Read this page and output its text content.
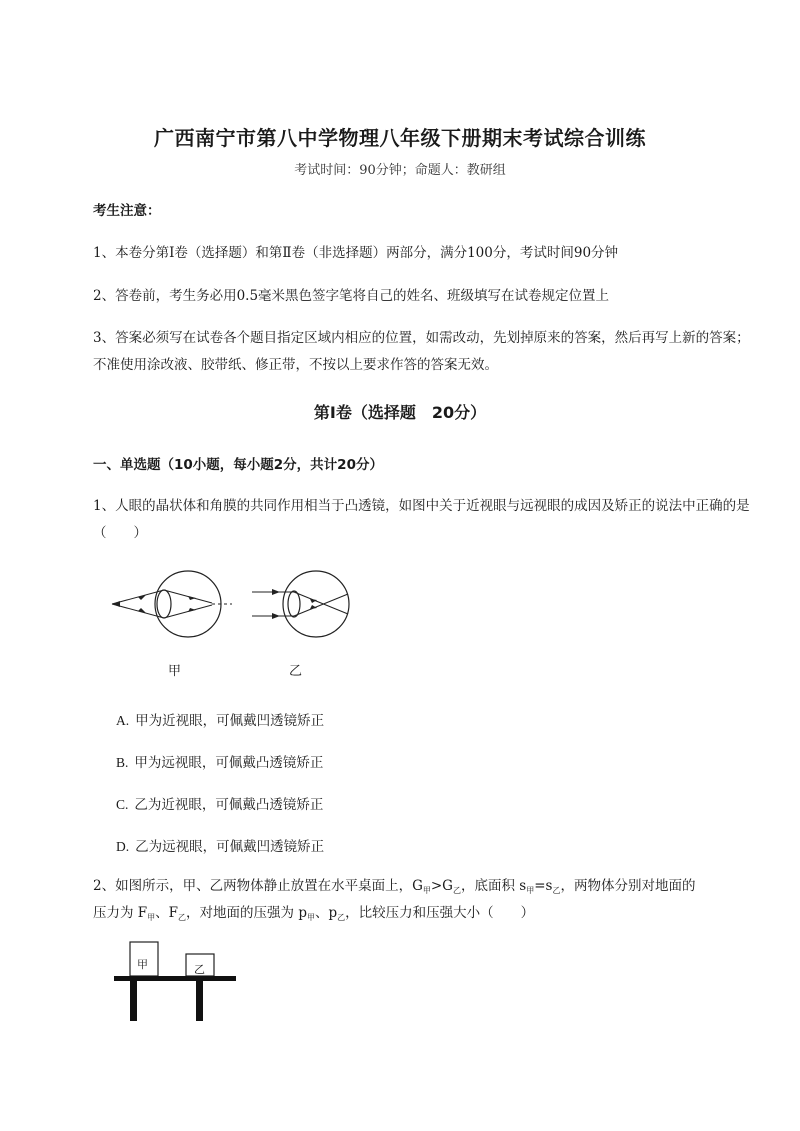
广西南宁市第八中学物理八年级下册期末考试综合训练
考试时间：90分钟；命题人：教研组
考生注意：
1、本卷分第I卷（选择题）和第Ⅱ卷（非选择题）两部分，满分100分，考试时间90分钟
2、答卷前，考生务必用0.5毫米黑色签字笔将自己的姓名、班级填写在试卷规定位置上
3、答案必须写在试卷各个题目指定区域内相应的位置，如需改动，先划掉原来的答案，然后再写上新的答案；不准使用涂改液、胶带纸、修正带，不按以上要求作答的答案无效。
第I卷（选择题　20分）
一、单选题（10小题，每小题2分，共计20分）
1、人眼的晶状体和角膜的共同作用相当于凸透镜，如图中关于近视眼与远视眼的成因及矫正的说法中正确的是（　　）
甲	乙
A. 甲为近视眼，可佩戴凹透镜矫正
B. 甲为远视眼，可佩戴凸透镜矫正
C. 乙为近视眼，可佩戴凸透镜矫正
D. 乙为远视眼，可佩戴凹透镜矫正
2、如图所示，甲、乙两物体静止放置在水平桌面上，$G_甲>G_乙$，底面积 $s_甲=s_乙$，两物体分别对地面的
压力为 $F_甲$、$F_乙$，对地面的压强为 $p_甲$、$p_乙$，比较压力和压强大小（　　）
甲	乙
